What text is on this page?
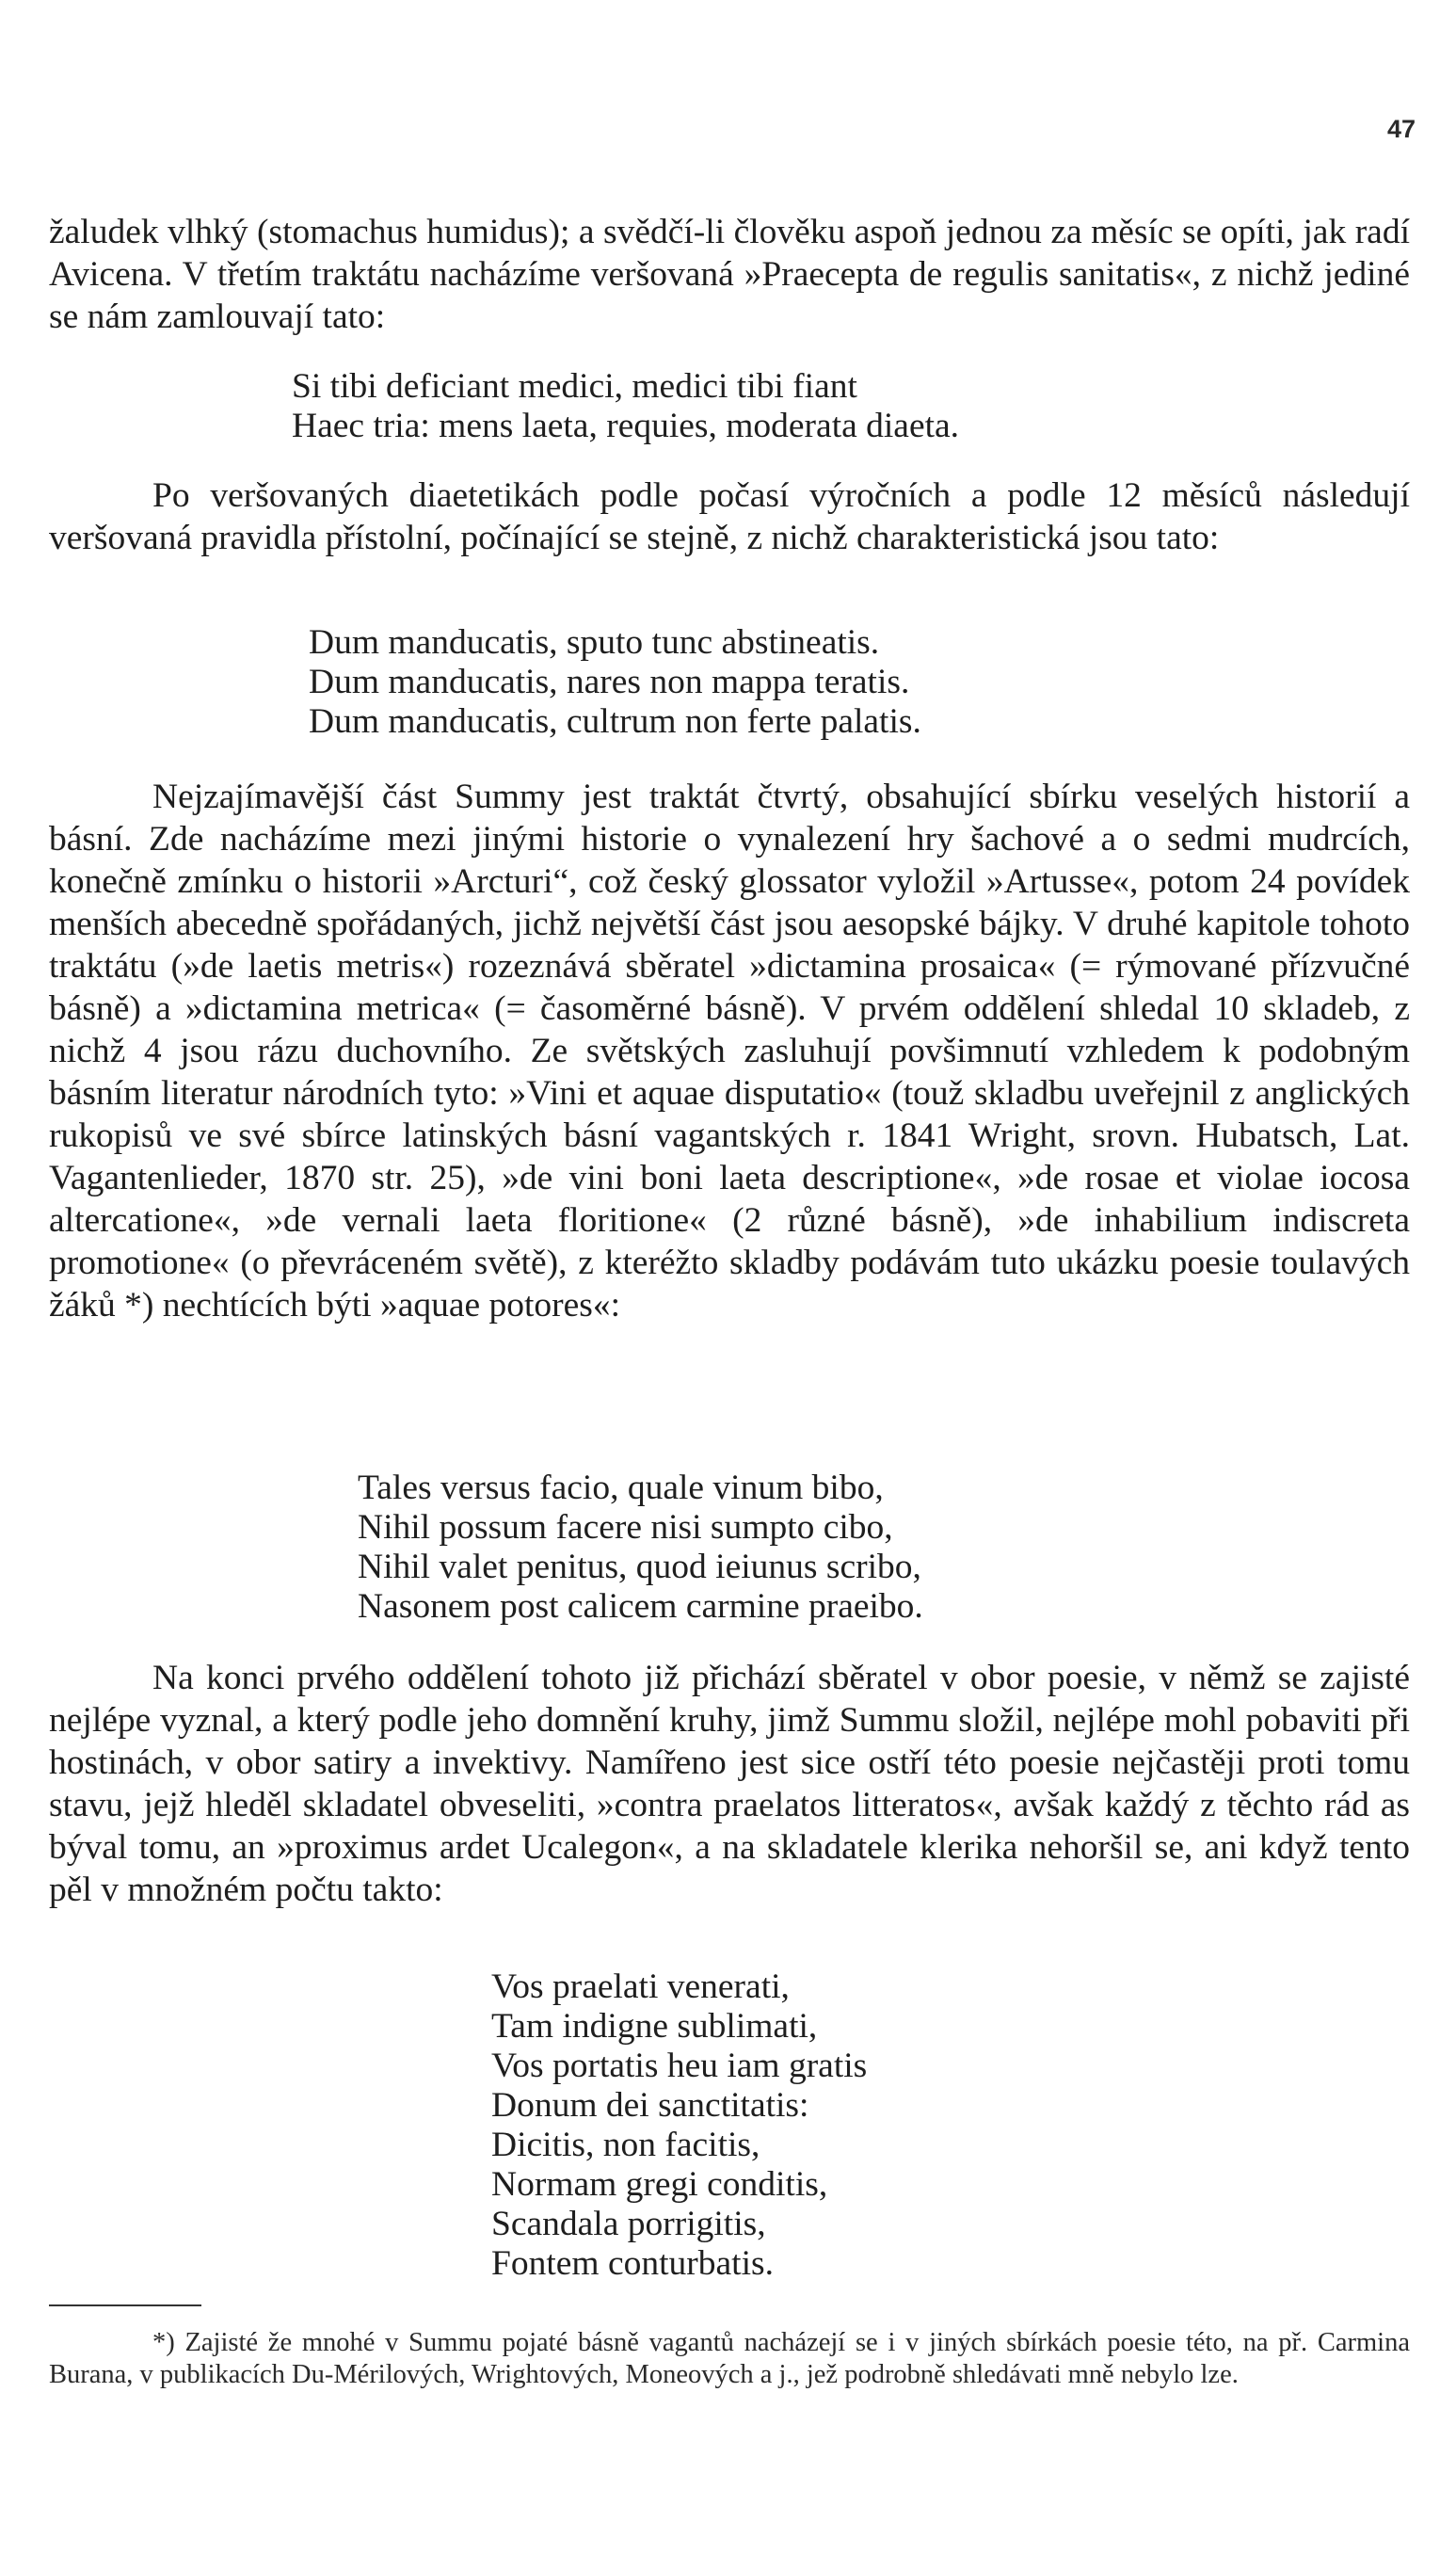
47

žaludek vlhký (stomachus humidus); a svědčí-li člověku aspoň jednou za měsíc se opíti, jak radí Avicena. V třetím traktátu nacházíme veršovaná »Praecepta de regulis sanitatis«, z nichž jediné se nám zamlouvají tato:

Si tibi deficiant medici, medici tibi fiant
Haec tria: mens laeta, requies, moderata diaeta.

Po veršovaných diaetetikách podle počasí výročních a podle 12 měsíců následují veršovaná pravidla přístolní, počínající se stejně, z nichž charakteristická jsou tato:

Dum manducatis, sputo tunc abstineatis.
Dum manducatis, nares non mappa teratis.
Dum manducatis, cultrum non ferte palatis.

Nejzajímavější část Summy jest traktát čtvrtý, obsahující sbírku veselých historií a básní. Zde nacházíme mezi jinými historie o vynalezení hry šachové a o sedmi mudrcích, konečně zmínku o historii »Arcturi“, což český glossator vyložil »Artusse«, potom 24 povídek menších abecedně spořádaných, jichž největší část jsou aesopské bájky. V druhé kapitole tohoto traktátu (»de laetis metris«) rozeznává sběratel »dictamina prosaica« (= rýmované přízvučné básně) a »dictamina metrica« (= časoměrné básně). V prvém oddělení shledal 10 skladeb, z nichž 4 jsou rázu duchovního. Ze světských zasluhují povšimnutí vzhledem k podobným básním literatur národních tyto: »Vini et aquae disputatio« (touž skladbu uveřejnil z anglických rukopisů ve své sbírce latinských básní vagantských r. 1841 Wright, srovn. Hubatsch, Lat. Vagantenlieder, 1870 str. 25), »de vini boni laeta descriptione«, »de rosae et violae iocosa altercatione«, »de vernali laeta floritione« (2 různé básně), »de inhabilium indiscreta promotione« (o převráceném světě), z kteréžto skladby podávám tuto ukázku poesie toulavých žáků *) nechtících býti »aquae potores«:

Tales versus facio, quale vinum bibo,
Nihil possum facere nisi sumpto cibo,
Nihil valet penitus, quod ieiunus scribo,
Nasonem post calicem carmine praeibo.

Na konci prvého oddělení tohoto již přichází sběratel v obor poesie, v němž se zajisté nejlépe vyznal, a který podle jeho domnění kruhy, jimž Summu složil, nejlépe mohl pobaviti při hostinách, v obor satiry a invektivy. Namířeno jest sice ostří této poesie nejčastěji proti tomu stavu, jejž hleděl skladatel obveseliti, »contra praelatos litteratos«, avšak každý z těchto rád as býval tomu, an »proximus ardet Ucalegon«, a na skladatele klerika nehoršil se, ani když tento pěl v množném počtu takto:

Vos praelati venerati,
Tam indigne sublimati,
Vos portatis heu iam gratis
Donum dei sanctitatis:
Dicitis, non facitis,
Normam gregi conditis,
Scandala porrigitis,
Fontem conturbatis.

*) Zajisté že mnohé v Summu pojaté básně vagantů nacházejí se i v jiných sbírkách poesie této, na př. Carmina Burana, v publikacích Du-Mérilových, Wrightových, Moneových a j., jež podrobně shledávati mně nebylo lze.
